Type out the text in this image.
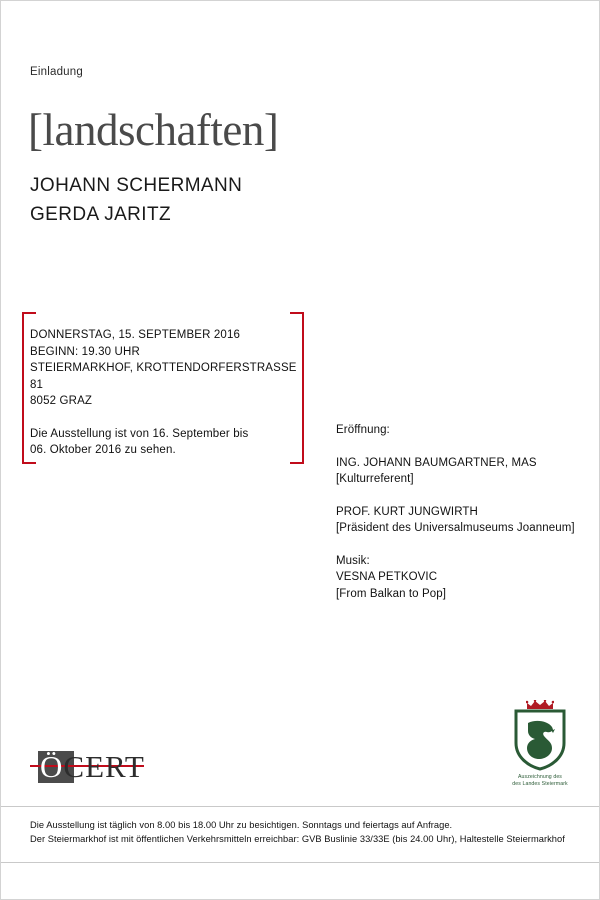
Einladung
[landschaften]
JOHANN SCHERMANN
GERDA JARITZ
DONNERSTAG, 15. SEPTEMBER 2016
BEGINN: 19.30 UHR
STEIERMARKHOF, KROTTENDORFERSTRASSE 81
8052 GRAZ
Die Ausstellung ist von 16. September bis
06. Oktober 2016 zu sehen.
Eröffnung:
ING. JOHANN BAUMGARTNER, MAS
[Kulturreferent]
PROF. KURT JUNGWIRTH
[Präsident des Universalmuseums Joanneum]
Musik:
VESNA PETKOVIC
[From Balkan to Pop]
ÖCERT	Auszeichnung des
des Landes Steiermark
Die Ausstellung ist täglich von 8.00 bis 18.00 Uhr zu besichtigen. Sonntags und feiertags auf Anfrage.
Der Steiermarkhof ist mit öffentlichen Verkehrsmitteln erreichbar: GVB Buslinie 33/33E (bis 24.00 Uhr), Haltestelle Steiermarkhof
